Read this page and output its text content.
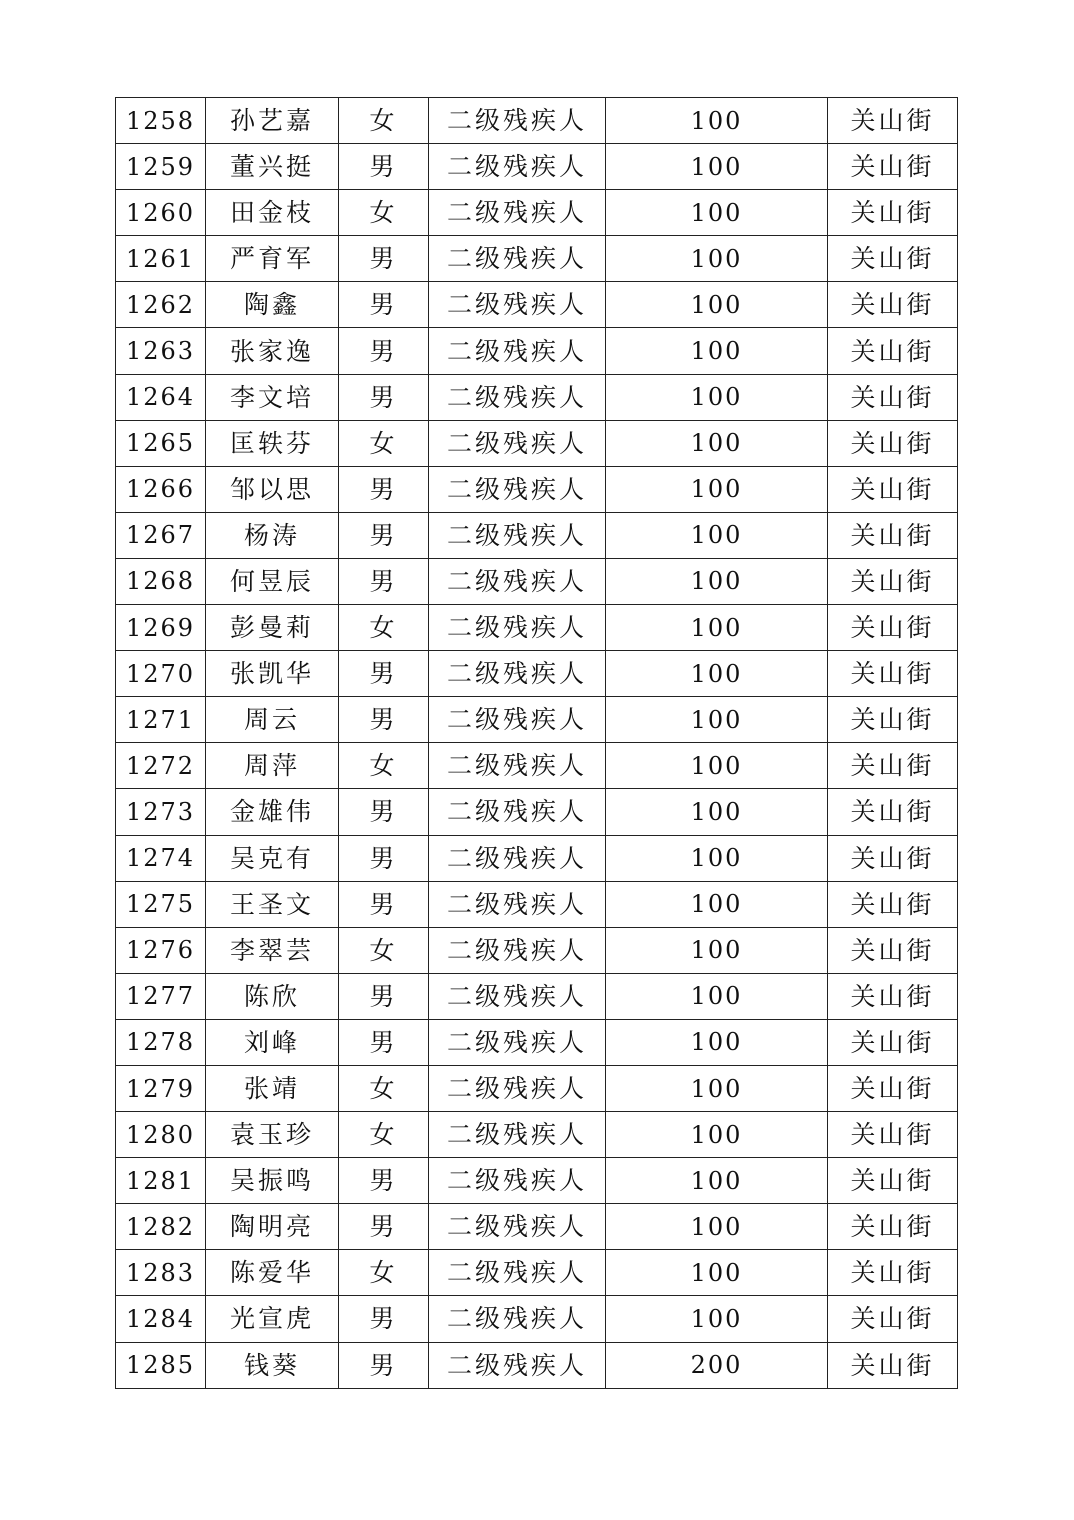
1258	孙艺嘉	女	二级残疾人	100	关山街
1259	董兴挺	男	二级残疾人	100	关山街
1260	田金枝	女	二级残疾人	100	关山街
1261	严育军	男	二级残疾人	100	关山街
1262	陶鑫	男	二级残疾人	100	关山街
1263	张家逸	男	二级残疾人	100	关山街
1264	李文培	男	二级残疾人	100	关山街
1265	匡轶芬	女	二级残疾人	100	关山街
1266	邹以思	男	二级残疾人	100	关山街
1267	杨涛	男	二级残疾人	100	关山街
1268	何昱辰	男	二级残疾人	100	关山街
1269	彭曼莉	女	二级残疾人	100	关山街
1270	张凯华	男	二级残疾人	100	关山街
1271	周云	男	二级残疾人	100	关山街
1272	周萍	女	二级残疾人	100	关山街
1273	金雄伟	男	二级残疾人	100	关山街
1274	吴克有	男	二级残疾人	100	关山街
1275	王圣文	男	二级残疾人	100	关山街
1276	李翠芸	女	二级残疾人	100	关山街
1277	陈欣	男	二级残疾人	100	关山街
1278	刘峰	男	二级残疾人	100	关山街
1279	张靖	女	二级残疾人	100	关山街
1280	袁玉珍	女	二级残疾人	100	关山街
1281	吴振鸣	男	二级残疾人	100	关山街
1282	陶明亮	男	二级残疾人	100	关山街
1283	陈爱华	女	二级残疾人	100	关山街
1284	光宣虎	男	二级残疾人	100	关山街
1285	钱葵	男	二级残疾人	200	关山街
